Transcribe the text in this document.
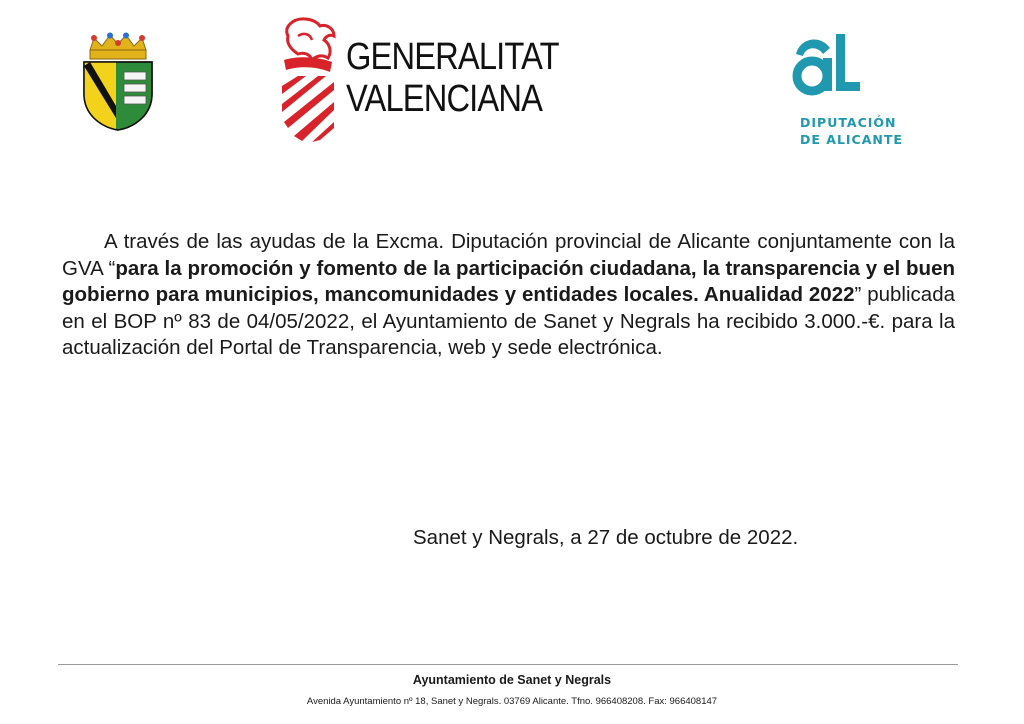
GENERALITAT
VALENCIANA
DIPUTACIÓN
DE ALICANTE

A través de las ayudas de la Excma. Diputación provincial de Alicante conjuntamente con la GVA “para la promoción y fomento de la participación ciudadana, la transparencia y el buen gobierno para municipios, mancomunidades y entidades locales. Anualidad 2022” publicada en el BOP nº 83 de 04/05/2022, el Ayuntamiento de Sanet y Negrals ha recibido 3.000.-€. para la actualización del Portal de Transparencia, web y sede electrónica.

Sanet y Negrals, a 27 de octubre de 2022.
Ayuntamiento de Sanet y Negrals
Avenida Ayuntamiento nº 18, Sanet y Negrals. 03769 Alicante. Tfno. 966408208. Fax: 966408147
